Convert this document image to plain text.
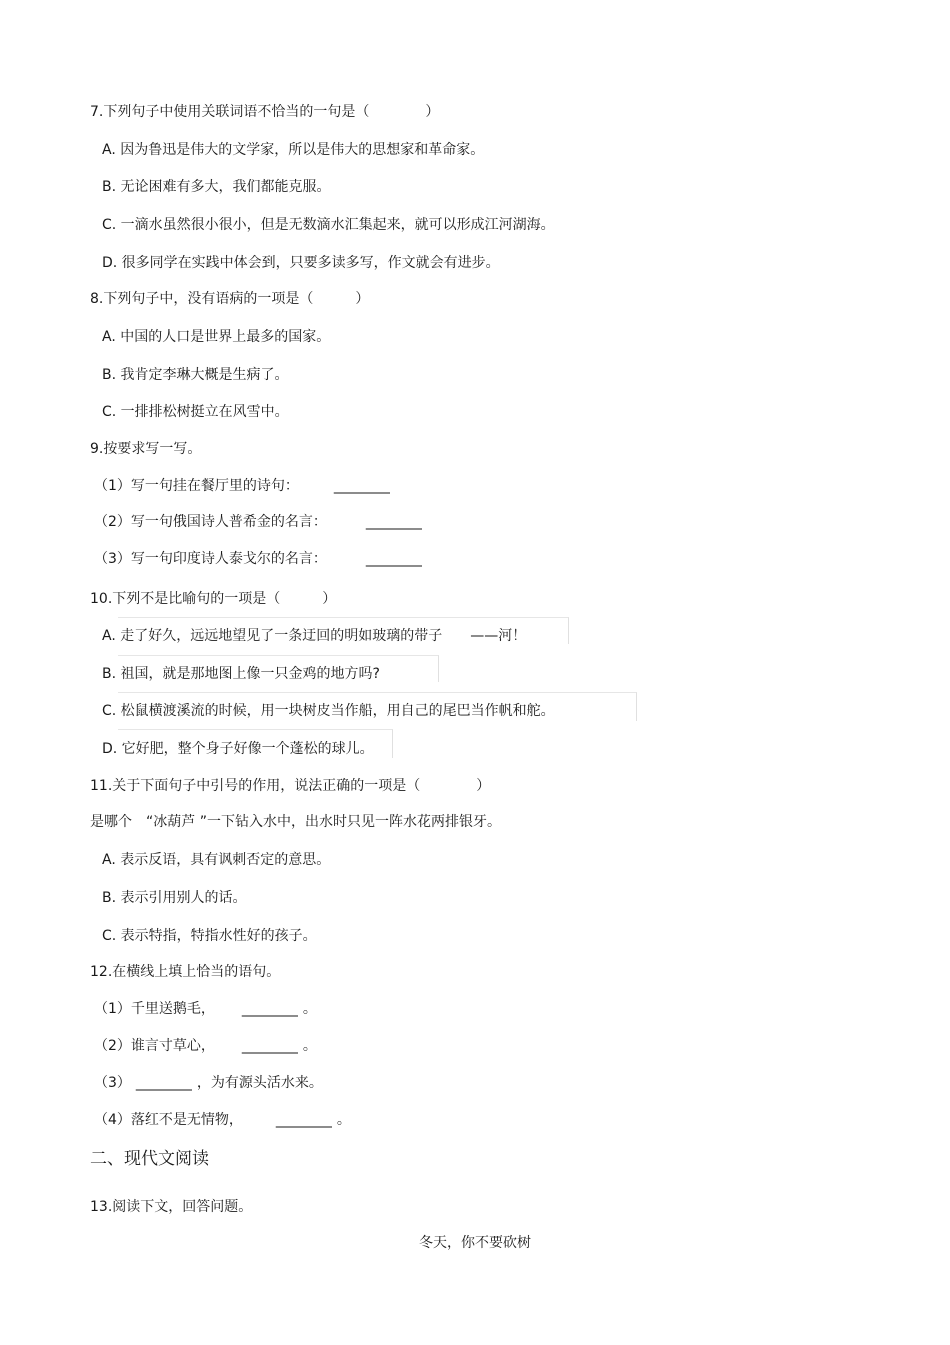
7.下列句子中使用关联词语不恰当的一句是（　　　　）
A. 因为鲁迅是伟大的文学家，所以是伟大的思想家和革命家。
B. 无论困难有多大，我们都能克服。
C. 一滴水虽然很小很小，但是无数滴水汇集起来，就可以形成江河湖海。
D. 很多同学在实践中体会到，只要多读多写，作文就会有进步。
8.下列句子中，没有语病的一项是（　　　）
A. 中国的人口是世界上最多的国家。
B. 我肯定李琳大概是生病了。
C. 一排排松树挺立在风雪中。
9.按要求写一写。
（1）写一句挂在餐厅里的诗句：	________
（2）写一句俄国诗人普希金的名言：	________
（3）写一句印度诗人泰戈尔的名言：	________
10.下列不是比喻句的一项是（　　　）
A. 走了好久，远远地望见了一条迂回的明如玻璃的带子　　——河！
B. 祖国，就是那地图上像一只金鸡的地方吗?
C. 松鼠横渡溪流的时候，用一块树皮当作船，用自己的尾巴当作帆和舵。
D. 它好肥，整个身子好像一个蓬松的球儿。
11.关于下面句子中引号的作用，说法正确的一项是（　　　　）
是哪个　“冰葫芦 ”一下钻入水中，出水时只见一阵水花两排银牙。
A. 表示反语，具有讽刺否定的意思。
B. 表示引用别人的话。
C. 表示特指，特指水性好的孩子。
12.在横线上填上恰当的语句。
（1）千里送鹅毛， ________ 。
（2）谁言寸草心， ________ 。
（3） ________ ，为有源头活水来。
（4）落红不是无情物， ________ 。
二、现代文阅读
13.阅读下文，回答问题。
冬天，你不要砍树
